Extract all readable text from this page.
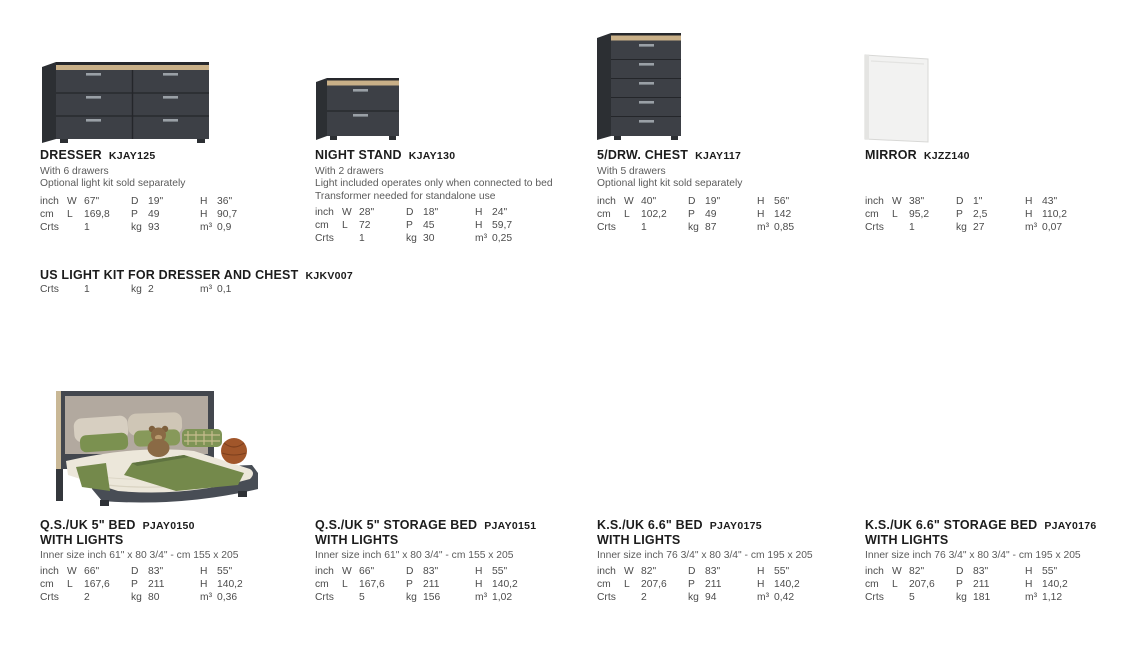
DRESSER KJAY125
With 6 drawers
Optional light kit sold separately
inch W 67"	D 19"	H 36"
cm	L 169,8	P 49	H 90,7
Crts	1	kg 93	m³ 0,9
NIGHT STAND KJAY130
With 2 drawers
Light included operates only when connected to bed
Transformer needed for standalone use
inch W 28"	D 18"	H 24"
cm	L 72	P 45	H 59,7
Crts	1	kg 30	m³ 0,25
5/DRW. CHEST KJAY117
With 5 drawers
Optional light kit sold separately
inch W 40"	D 19"	H 56"
cm	L 102,2	P 49	H 142
Crts	1	kg 87	m³ 0,85
MIRROR KJZZ140
inch W 38"	D 1"	H 43"
cm	L 95,2	P 2,5	H 110,2
Crts	1	kg 27	m³ 0,07
US LIGHT KIT FOR DRESSER AND CHEST KJKV007
Crts	1	kg 2	m³ 0,1
Q.S./UK 5" BED PJAY0150
WITH LIGHTS
Inner size inch 61" x 80 3/4" - cm 155 x 205
inch W 66"	D 83"	H 55"
cm	L 167,6	P 211	H 140,2
Crts	2	kg 80	m³ 0,36
Q.S./UK 5" STORAGE BED PJAY0151
WITH LIGHTS
Inner size inch 61" x 80 3/4" - cm 155 x 205
inch W 66"	D 83"	H 55"
cm	L 167,6	P 211	H 140,2
Crts	5	kg 156	m³ 1,02
K.S./UK 6.6" BED PJAY0175
WITH LIGHTS
Inner size inch 76 3/4" x 80 3/4" - cm 195 x 205
inch W 82"	D 83"	H 55"
cm	L 207,6	P 211	H 140,2
Crts	2	kg 94	m³ 0,42
K.S./UK 6.6" STORAGE BED PJAY0176
WITH LIGHTS
Inner size inch 76 3/4" x 80 3/4" - cm 195 x 205
inch W 82"	D 83"	H 55"
cm	L 207,6	P 211	H 140,2
Crts	5	kg 181	m³ 1,12
